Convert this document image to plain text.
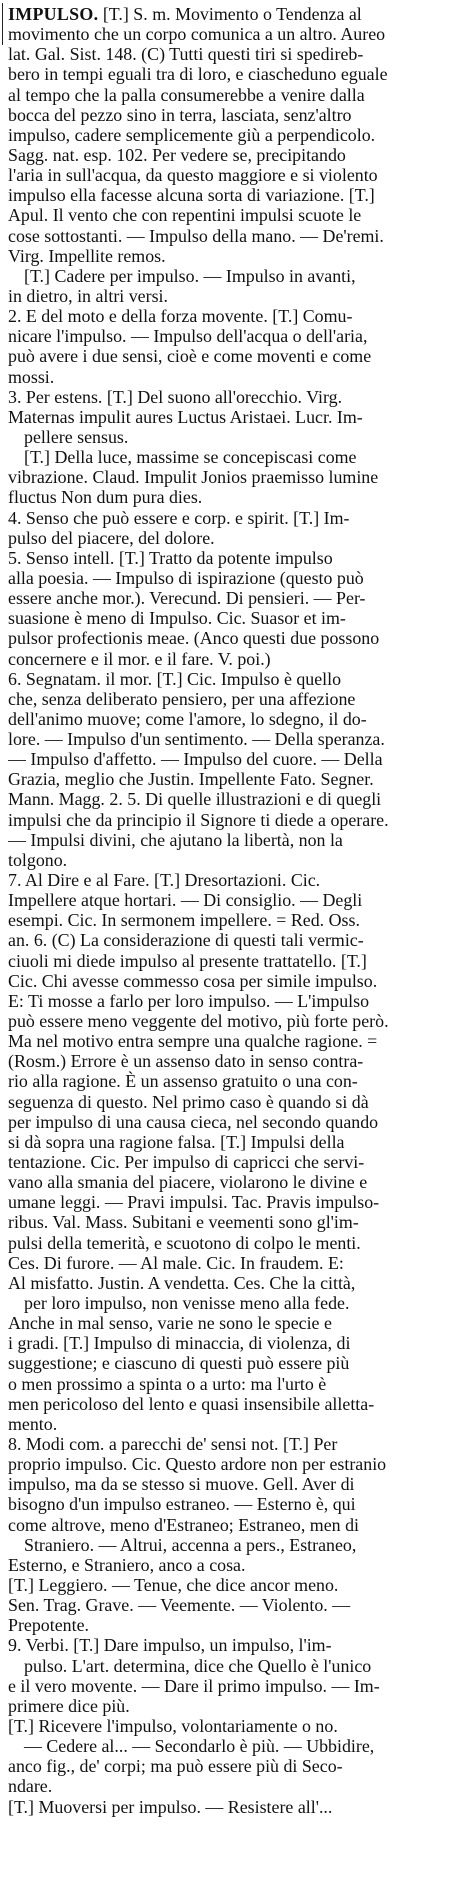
IMPULSO. [T.] S. m. Movimento o Tendenza al
movimento che un corpo comunica a un altro. Aureo
lat. Gal. Sist. 148. (C) Tutti questi tiri si spedireb-
bero in tempi eguali tra di loro, e ciascheduno eguale
al tempo che la palla consumerebbe a venire dalla
bocca del pezzo sino in terra, lasciata, senz'altro
impulso, cadere semplicemente giù a perpendicolo.
Sagg. nat. esp. 102. Per vedere se, precipitando
l'aria in sull'acqua, da questo maggiore e si violento
impulso ella facesse alcuna sorta di variazione. [T.]
Apul. Il vento che con repentini impulsi scuote le
cose sottostanti. — Impulso della mano. — De'remi.
Virg. Impellite remos.
[T.] Cadere per impulso. — Impulso in avanti,
in dietro, in altri versi.
2. E del moto e della forza movente. [T.] Comu-
nicare l'impulso. — Impulso dell'acqua o dell'aria,
può avere i due sensi, cioè e come moventi e come
mossi.
3. Per estens. [T.] Del suono all'orecchio. Virg.
Maternas impulit aures Luctus Aristaei. Lucr. Im-
pellere sensus.
[T.] Della luce, massime se concepiscasi come
vibrazione. Claud. Impulit Jonios praemisso lumine
fluctus Non dum pura dies.
4. Senso che può essere e corp. e spirit. [T.] Im-
pulso del piacere, del dolore.
5. Senso intell. [T.] Tratto da potente impulso
alla poesia. — Impulso di ispirazione (questo può
essere anche mor.). Verecund. Di pensieri. — Per-
suasione è meno di Impulso. Cic. Suasor et im-
pulsor profectionis meae. (Anco questi due possono
concernere e il mor. e il fare. V. poi.)
6. Segnatam. il mor. [T.] Cic. Impulso è quello
che, senza deliberato pensiero, per una affezione
dell'animo muove; come l'amore, lo sdegno, il do-
lore. — Impulso d'un sentimento. — Della speranza.
— Impulso d'affetto. — Impulso del cuore. — Della
Grazia, meglio che Justin. Impellente Fato. Segner.
Mann. Magg. 2. 5. Di quelle illustrazioni e di quegli
impulsi che da principio il Signore ti diede a operare.
— Impulsi divini, che ajutano la libertà, non la
tolgono.
7. Al Dire e al Fare. [T.] Dresortazioni. Cic.
Impellere atque hortari. — Di consiglio. — Degli
esempi. Cic. In sermonem impellere. = Red. Oss.
an. 6. (C) La considerazione di questi tali vermic-
ciuoli mi diede impulso al presente trattatello. [T.]
Cic. Chi avesse commesso cosa per simile impulso.
E: Ti mosse a farlo per loro impulso. — L'impulso
può essere meno veggente del motivo, più forte però.
Ma nel motivo entra sempre una qualche ragione. =
(Rosm.) Errore è un assenso dato in senso contra-
rio alla ragione. È un assenso gratuito o una con-
seguenza di questo. Nel primo caso è quando si dà
per impulso di una causa cieca, nel secondo quando
si dà sopra una ragione falsa. [T.] Impulsi della
tentazione. Cic. Per impulso di capricci che servi-
vano alla smania del piacere, violarono le divine e
umane leggi. — Pravi impulsi. Tac. Pravis impulso-
ribus. Val. Mass. Subitani e veementi sono gl'im-
pulsi della temerità, e scuotono di colpo le menti.
Ces. Di furore. — Al male. Cic. In fraudem. E:
Al misfatto. Justin. A vendetta. Ces. Che la città,
per loro impulso, non venisse meno alla fede.
Anche in mal senso, varie ne sono le specie e
i gradi. [T.] Impulso di minaccia, di violenza, di
suggestione; e ciascuno di questi può essere più
o men prossimo a spinta o a urto: ma l'urto è
men pericoloso del lento e quasi insensibile alletta-
mento.
8. Modi com. a parecchi de' sensi not. [T.] Per
proprio impulso. Cic. Questo ardore non per estranio
impulso, ma da se stesso si muove. Gell. Aver di
bisogno d'un impulso estraneo. — Esterno è, qui
come altrove, meno d'Estraneo; Estraneo, men di
Straniero. — Altrui, accenna a pers., Estraneo,
Esterno, e Straniero, anco a cosa.
[T.] Leggiero. — Tenue, che dice ancor meno.
Sen. Trag. Grave. — Veemente. — Violento. —
Prepotente.
9. Verbi. [T.] Dare impulso, un impulso, l'im-
pulso. L'art. determina, dice che Quello è l'unico
e il vero movente. — Dare il primo impulso. — Im-
primere dice più.
[T.] Ricevere l'impulso, volontariamente o no.
— Cedere al... — Secondarlo è più. — Ubbidire,
anco fig., de' corpi; ma può essere più di Seco-
ndare.
[T.] Muoversi per impulso. — Resistere all'...
